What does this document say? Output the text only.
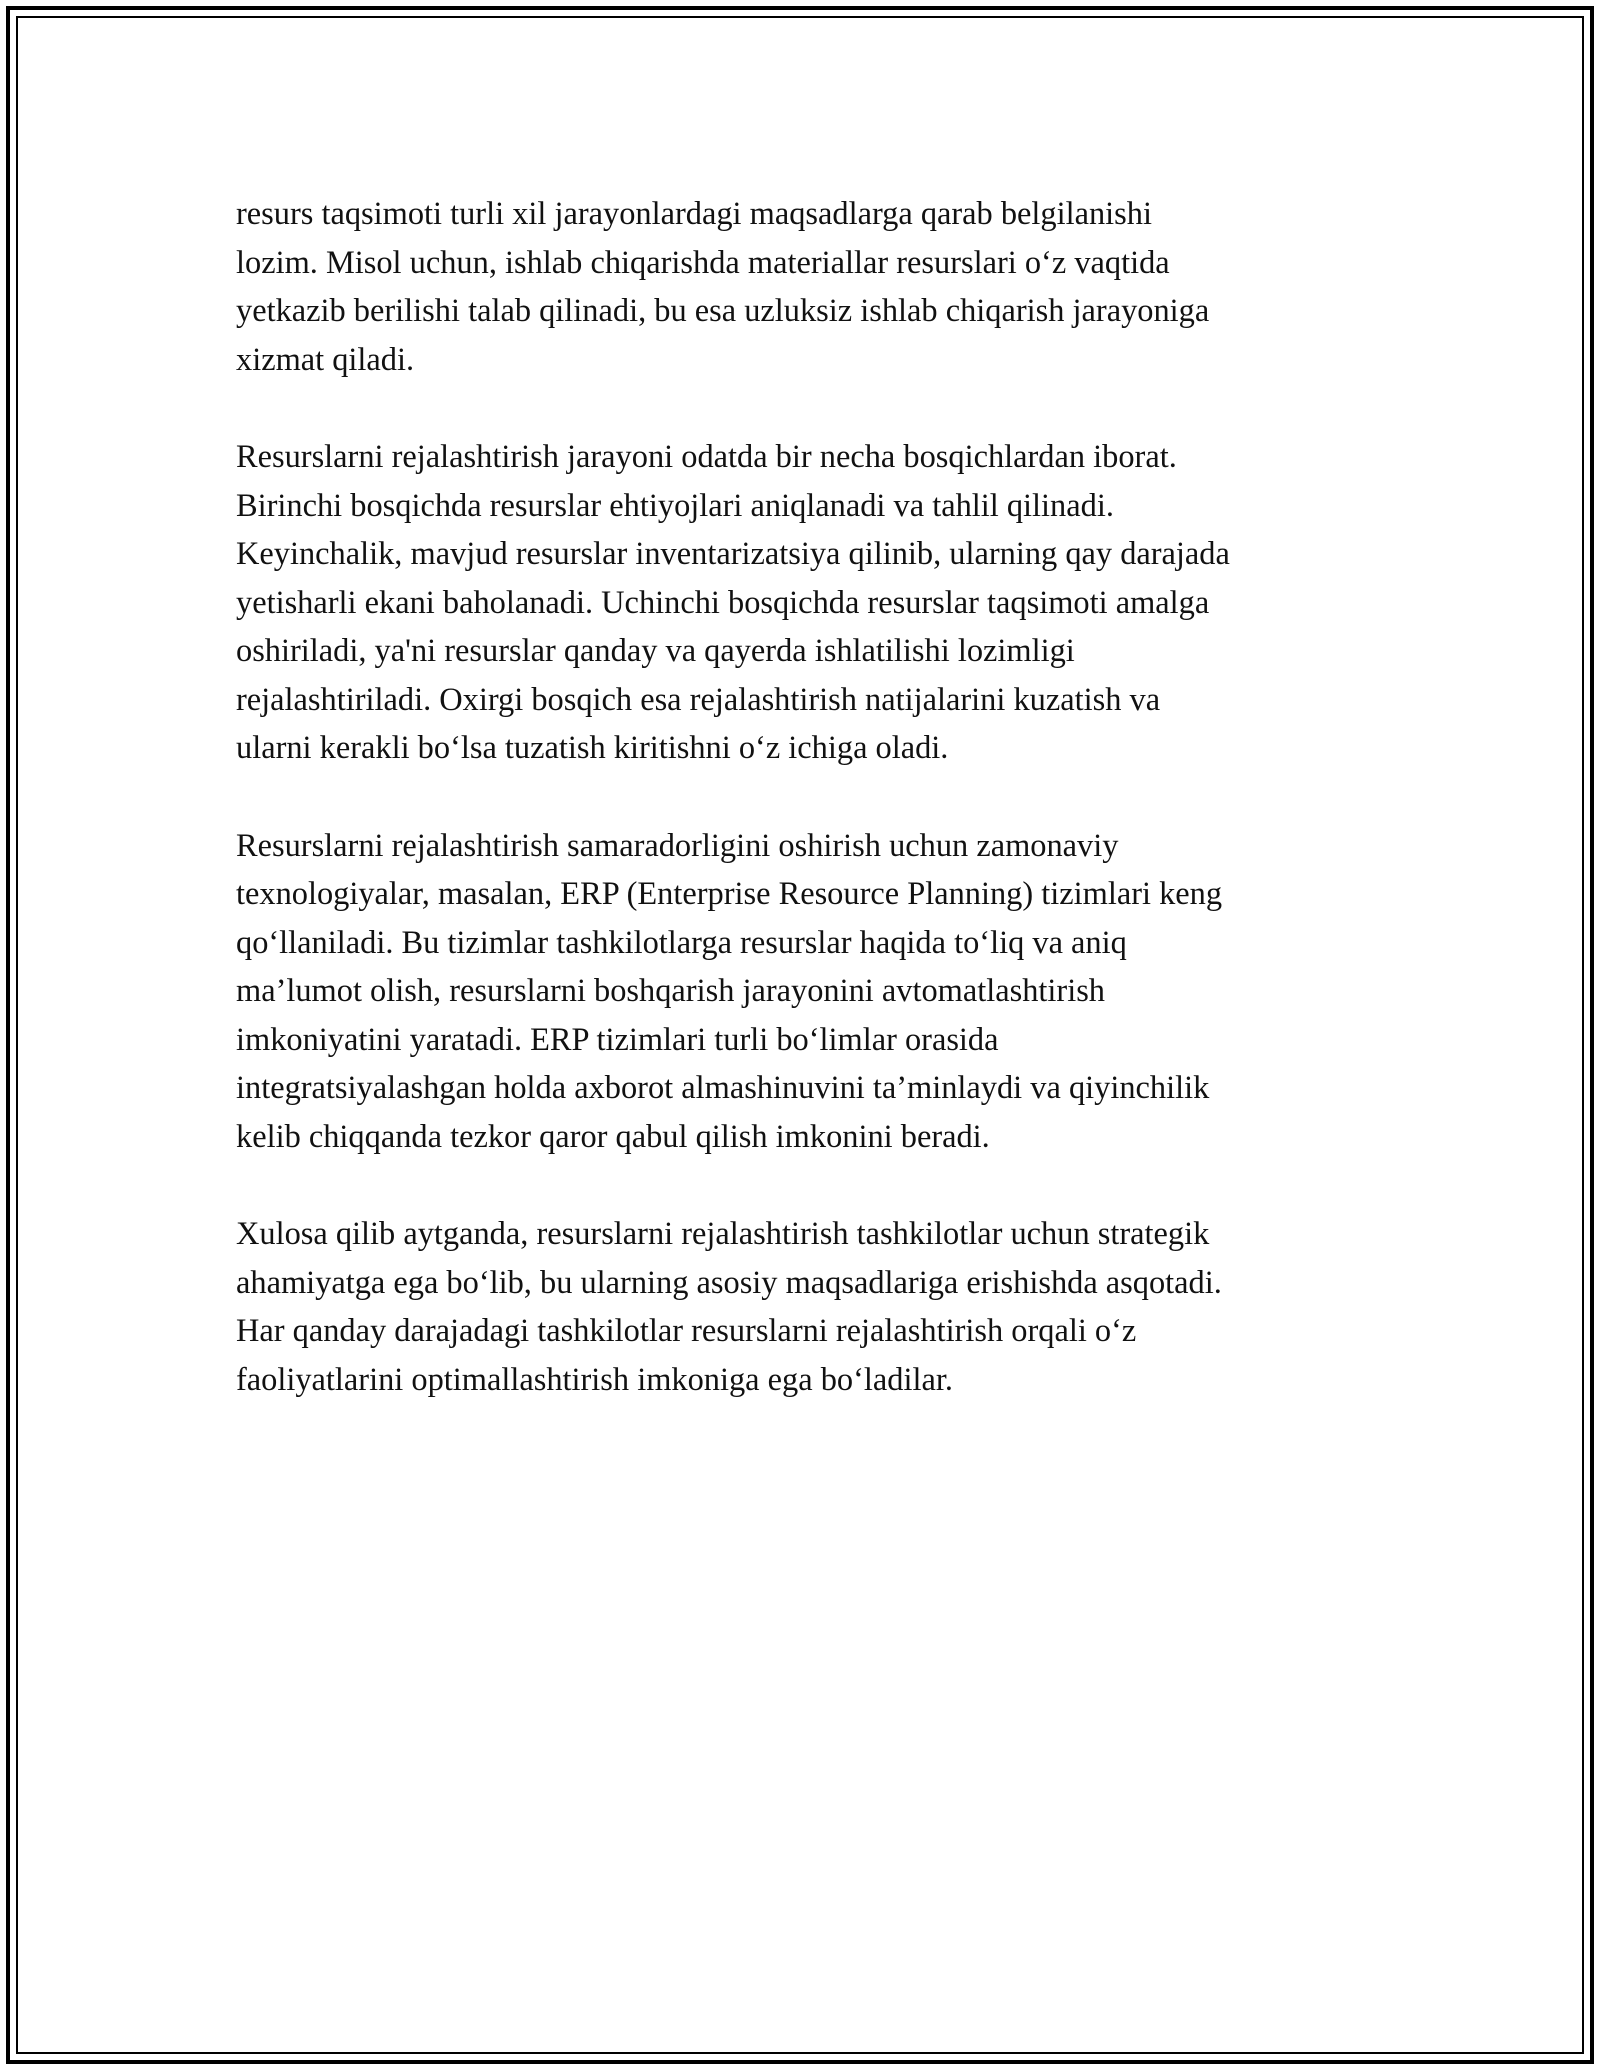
resurs taqsimoti turli xil jarayonlardagi maqsadlarga qarab belgilanishi
lozim. Misol uchun, ishlab chiqarishda materiallar resurslari o‘z vaqtida
yetkazib berilishi talab qilinadi, bu esa uzluksiz ishlab chiqarish jarayoniga
xizmat qiladi.

Resurslarni rejalashtirish jarayoni odatda bir necha bosqichlardan iborat.
Birinchi bosqichda resurslar ehtiyojlari aniqlanadi va tahlil qilinadi.
Keyinchalik, mavjud resurslar inventarizatsiya qilinib, ularning qay darajada
yetisharli ekani baholanadi. Uchinchi bosqichda resurslar taqsimoti amalga
oshiriladi, ya'ni resurslar qanday va qayerda ishlatilishi lozimligi
rejalashtiriladi. Oxirgi bosqich esa rejalashtirish natijalarini kuzatish va
ularni kerakli bo‘lsa tuzatish kiritishni o‘z ichiga oladi.

Resurslarni rejalashtirish samaradorligini oshirish uchun zamonaviy
texnologiyalar, masalan, ERP (Enterprise Resource Planning) tizimlari keng
qo‘llaniladi. Bu tizimlar tashkilotlarga resurslar haqida to‘liq va aniq
ma’lumot olish, resurslarni boshqarish jarayonini avtomatlashtirish
imkoniyatini yaratadi. ERP tizimlari turli bo‘limlar orasida
integratsiyalashgan holda axborot almashinuvini ta’minlaydi va qiyinchilik
kelib chiqqanda tezkor qaror qabul qilish imkonini beradi.

Xulosa qilib aytganda, resurslarni rejalashtirish tashkilotlar uchun strategik
ahamiyatga ega bo‘lib, bu ularning asosiy maqsadlariga erishishda asqotadi.
Har qanday darajadagi tashkilotlar resurslarni rejalashtirish orqali o‘z
faoliyatlarini optimallashtirish imkoniga ega bo‘ladilar.
